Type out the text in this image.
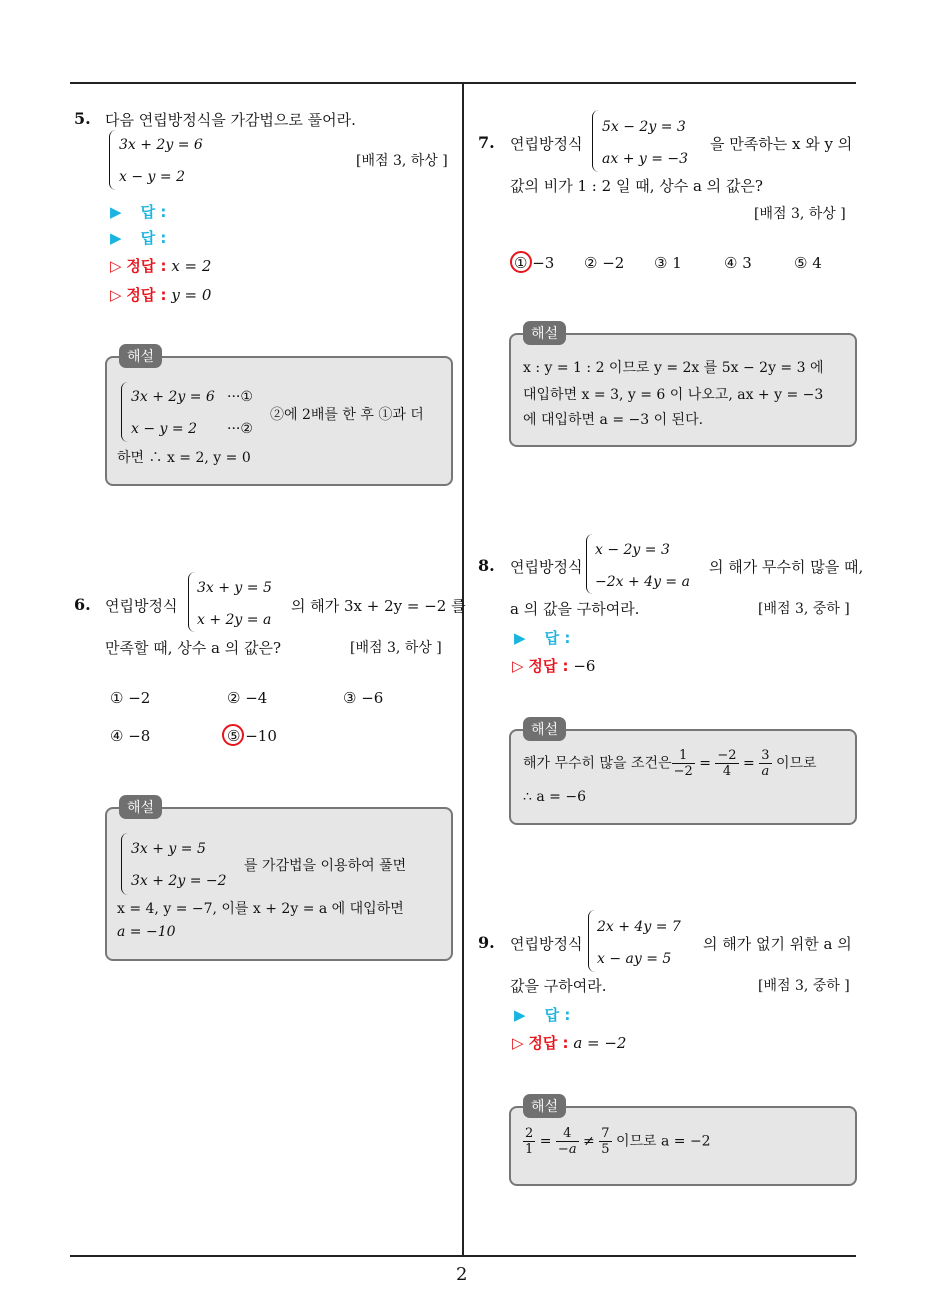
2
5. 다음 연립방정식을 가감법으로 풀어라.
3x + 2y = 6
x − y = 2
[배점 3, 하상 ]
▶ 답 :
▶ 답 :
▷ 정답 : x = 2
▷ 정답 : y = 0
3x + 2y = 6 ···①
x − y = 2 ···②
②에 2배를 한 후 ①과 더
하면 ∴ x = 2, y = 0
해설
6. 연립방정식
3x + y = 5
x + 2y = a
의 해가 3x + 2y = −2 를
만족할 때, 상수 a 의 값은?	[배점 3, 하상 ]
① −2	② −4	③ −6
④ −8	⑤ −10
3x + y = 5
3x + 2y = −2
를 가감법을 이용하여 풀면
x = 4, y = −7, 이를 x + 2y = a 에 대입하면
a = −10
해설
7. 연립방정식
5x − 2y = 3
ax + y = −3
을 만족하는 x 와 y 의
값의 비가 1 : 2 일 때, 상수 a 의 값은?
[배점 3, 하상 ]
① −3 ② −2 ③ 1	④ 3	⑤ 4
x : y = 1 : 2 이므로 y = 2x 를 5x − 2y = 3 에
대입하면 x = 3, y = 6 이 나오고, ax + y = −3
에 대입하면 a = −3 이 된다.
해설
8. 연립방정식
x − 2y = 3
−2x + 4y = a
의 해가 무수히 많을 때,
a 의 값을 구하여라.	[배점 3, 중하 ]
▶ 답 :
▷ 정답 : −6
해가 무수히 많을 조건은 $\frac{1}{-2} = \frac{-2}{4} = \frac{3}{a}$ 이므로
∴ a = −6
해설
9. 연립방정식
2x + 4y = 7
x − ay = 5
의 해가 없기 위한 a 의
값을 구하여라.	[배점 3, 중하 ]
▶ 답 :
▷ 정답 : a = −2
$\frac{2}{1} = \frac{4}{-a} \ne \frac{7}{5}$ 이므로 a = −2
해설
